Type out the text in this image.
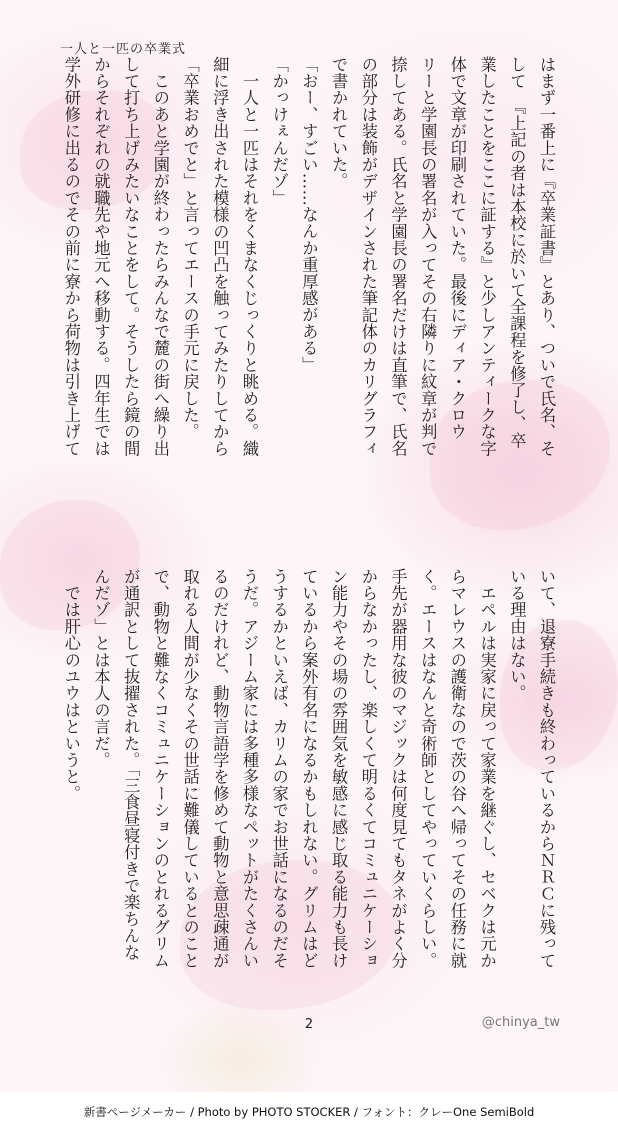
一人と一匹の卒業式
はまず一番上に『卒業証書』とあり、ついで氏名、そ
して　『上記の者は本校に於いて全課程を修了し、卒
業したことをここに証する』と少しアンティークな字
体で文章が印刷されていた。最後にディア・クロウ
リーと学園長の署名が入ってその右隣りに紋章が判で
捺してある。氏名と学園長の署名だけは直筆で、氏名
の部分は装飾がデザインされた筆記体のカリグラフィ
で書かれていた。
「おー、すごい……なんか重厚感がある」
「かっけぇんだゾ」
　一人と一匹はそれをくまなくじっくりと眺める。織
細に浮き出された模様の凹凸を触ってみたりしてから
「卒業おめでと」と言ってエースの手元に戻した。
　このあと学園が終わったらみんなで麓の街へ繰り出
して打ち上げみたいなことをして。そうしたら鏡の間
からそれぞれの就職先や地元へ移動する。四年生では
学外研修に出るのでその前に寮から荷物は引き上げて
いて、退寮手続きも終わっているからＮＲＣに残って
いる理由はない。
　エペルは実家に戻って家業を継ぐし、セベクは元か
らマレウスの護衛なので茨の谷へ帰ってその任務に就
く。エースはなんと奇術師としてやっていくらしい。
手先が器用な彼のマジックは何度見てもタネがよく分
からなかったし、楽しくて明るくてコミュニケーショ
ン能力やその場の雰囲気を敏感に感じ取る能力も長け
ているから案外有名になるかもしれない。グリムはど
うするかといえば、カリムの家でお世話になるのだそ
うだ。アジーム家には多種多様なペットがたくさんい
るのだけれど、動物言語学を修めて動物と意思疎通が
取れる人間が少なくその世話に難儀しているとのこと
で、動物と難なくコミュニケーションのとれるグリム
が通訳として抜擢された。「三食昼寝付きで楽ちんな
んだゾ」とは本人の言だ。
　では肝心のユウはというと。
2	@chinya_tw
新書ページメーカー / Photo by PHOTO STOCKER / フォント：クレーOne SemiBold
